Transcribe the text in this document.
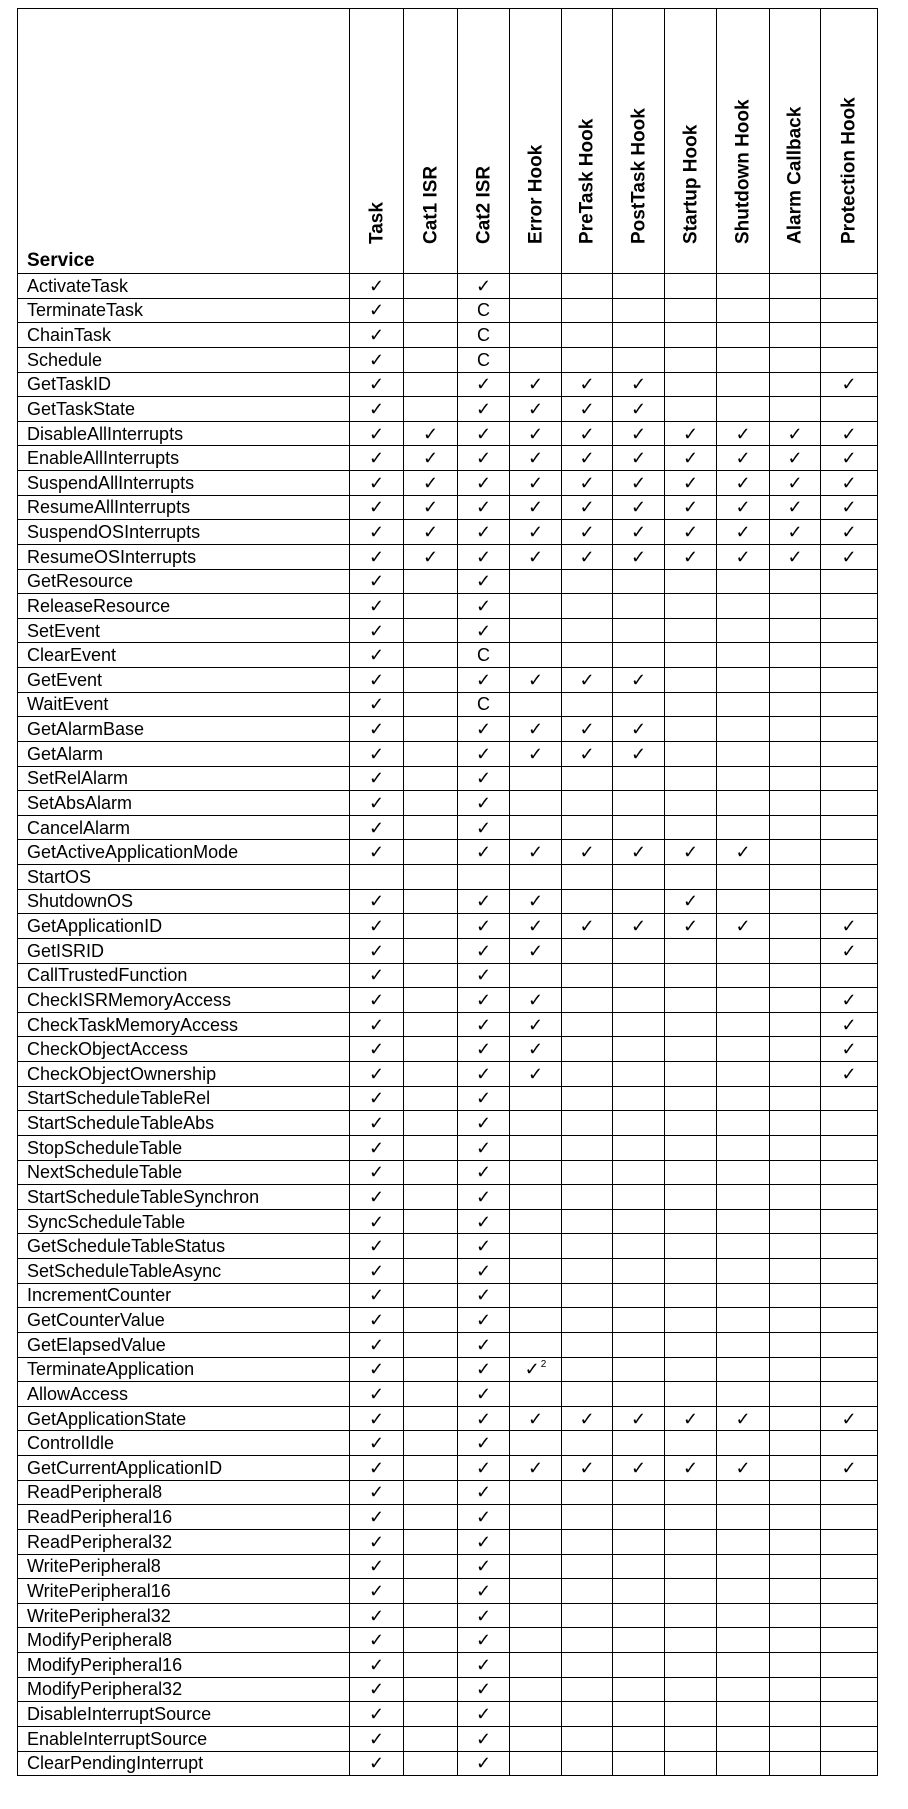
Service	Task	Cat1 ISR	Cat2 ISR	Error Hook	PreTask Hook	PostTask Hook	Startup Hook	Shutdown Hook	Alarm Callback	Protection Hook

ActivateTask	✓		✓							
TerminateTask	✓		C							
ChainTask	✓		C							
Schedule	✓		C							
GetTaskID	✓		✓	✓	✓	✓				✓
GetTaskState	✓		✓	✓	✓	✓				
DisableAllInterrupts	✓	✓	✓	✓	✓	✓	✓	✓	✓	✓
EnableAllInterrupts	✓	✓	✓	✓	✓	✓	✓	✓	✓	✓
SuspendAllInterrupts	✓	✓	✓	✓	✓	✓	✓	✓	✓	✓
ResumeAllInterrupts	✓	✓	✓	✓	✓	✓	✓	✓	✓	✓
SuspendOSInterrupts	✓	✓	✓	✓	✓	✓	✓	✓	✓	✓
ResumeOSInterrupts	✓	✓	✓	✓	✓	✓	✓	✓	✓	✓
GetResource	✓		✓							
ReleaseResource	✓		✓							
SetEvent	✓		✓							
ClearEvent	✓		C							
GetEvent	✓		✓	✓	✓	✓				
WaitEvent	✓		C							
GetAlarmBase	✓		✓	✓	✓	✓				
GetAlarm	✓		✓	✓	✓	✓				
SetRelAlarm	✓		✓							
SetAbsAlarm	✓		✓							
CancelAlarm	✓		✓							
GetActiveApplicationMode	✓		✓	✓	✓	✓	✓	✓		
StartOS										
ShutdownOS	✓		✓	✓			✓			
GetApplicationID	✓		✓	✓	✓	✓	✓	✓		✓
GetISRID	✓		✓	✓						✓
CallTrustedFunction	✓		✓							
CheckISRMemoryAccess	✓		✓	✓						✓
CheckTaskMemoryAccess	✓		✓	✓						✓
CheckObjectAccess	✓		✓	✓						✓
CheckObjectOwnership	✓		✓	✓						✓
StartScheduleTableRel	✓		✓							
StartScheduleTableAbs	✓		✓							
StopScheduleTable	✓		✓							
NextScheduleTable	✓		✓							
StartScheduleTableSynchron	✓		✓							
SyncScheduleTable	✓		✓							
GetScheduleTableStatus	✓		✓							
SetScheduleTableAsync	✓		✓							
IncrementCounter	✓		✓							
GetCounterValue	✓		✓							
GetElapsedValue	✓		✓							
TerminateApplication	✓		✓	✓$^2$						
AllowAccess	✓		✓							
GetApplicationState	✓		✓	✓	✓	✓	✓	✓		✓
ControlIdle	✓		✓							
GetCurrentApplicationID	✓		✓	✓	✓	✓	✓	✓		✓
ReadPeripheral8	✓		✓							
ReadPeripheral16	✓		✓							
ReadPeripheral32	✓		✓							
WritePeripheral8	✓		✓							
WritePeripheral16	✓		✓							
WritePeripheral32	✓		✓							
ModifyPeripheral8	✓		✓							
ModifyPeripheral16	✓		✓							
ModifyPeripheral32	✓		✓							
DisableInterruptSource	✓		✓							
EnableInterruptSource	✓		✓							
ClearPendingInterrupt	✓		✓							
